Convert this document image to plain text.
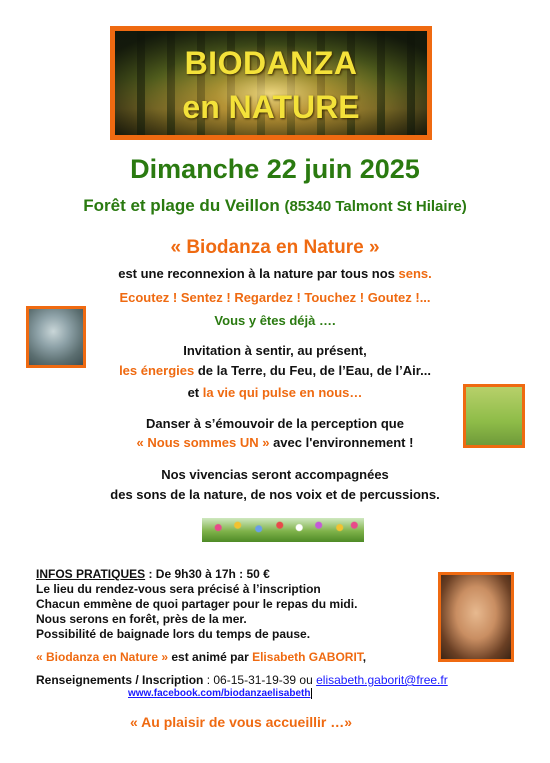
BIODANZA
en NATURE
Dimanche 22 juin 2025
Forêt et plage du Veillon (85340 Talmont St Hilaire)
« Biodanza en Nature »
est une reconnexion à la nature par tous nos sens.
Ecoutez ! Sentez ! Regardez ! Touchez ! Goutez !...
Vous y êtes déjà ….
Invitation à sentir, au présent,
les énergies de la Terre, du Feu, de l’Eau, de l’Air...
et la vie qui pulse en nous…
Danser à s’émouvoir de la perception que
« Nous sommes UN » avec l'environnement !
Nos vivencias seront accompagnées
des sons de la nature, de nos voix et de percussions.
INFOS PRATIQUES : De 9h30 à 17h : 50 €
Le lieu du rendez-vous sera précisé à l’inscription
Chacun emmène de quoi partager pour le repas du midi.
Nous serons en forêt, près de la mer.
Possibilité de baignade lors du temps de pause.
« Biodanza en Nature » est animé par Elisabeth GABORIT,
Renseignements / Inscription : 06-15-31-19-39 ou elisabeth.gaborit@free.fr
www.facebook.com/biodanzaelisabeth
« Au plaisir de vous accueillir …»
